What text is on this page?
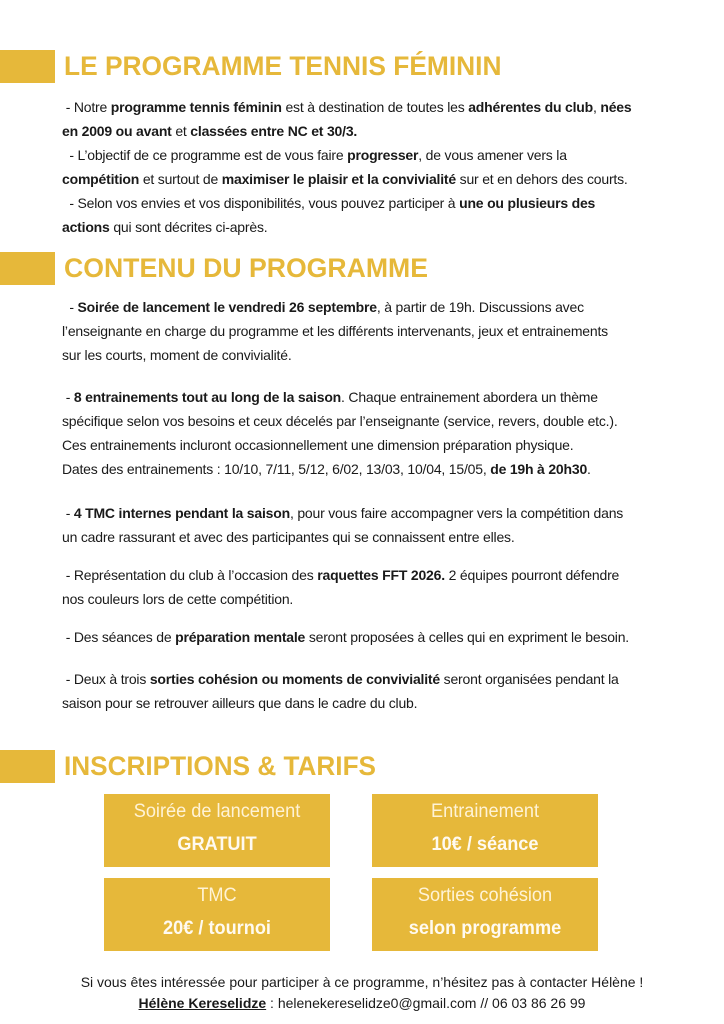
LE PROGRAMME TENNIS FÉMININ
- Notre programme tennis féminin est à destination de toutes les adhérentes du club, nées
en 2009 ou avant et classées entre NC et 30/3.
- L’objectif de ce programme est de vous faire progresser, de vous amener vers la
compétition et surtout de maximiser le plaisir et la convivialité sur et en dehors des courts.
- Selon vos envies et vos disponibilités, vous pouvez participer à une ou plusieurs des
actions qui sont décrites ci-après.
CONTENU DU PROGRAMME
- Soirée de lancement le vendredi 26 septembre, à partir de 19h. Discussions avec
l’enseignante en charge du programme et les différents intervenants, jeux et entrainements
sur les courts, moment de convivialité.
- 8 entrainements tout au long de la saison. Chaque entrainement abordera un thème
spécifique selon vos besoins et ceux décelés par l’enseignante (service, revers, double etc.).
Ces entrainements incluront occasionnellement une dimension préparation physique.
Dates des entrainements : 10/10, 7/11, 5/12, 6/02, 13/03, 10/04, 15/05, de 19h à 20h30.
- 4 TMC internes pendant la saison, pour vous faire accompagner vers la compétition dans
un cadre rassurant et avec des participantes qui se connaissent entre elles.
- Représentation du club à l’occasion des raquettes FFT 2026. 2 équipes pourront défendre
nos couleurs lors de cette compétition.
- Des séances de préparation mentale seront proposées à celles qui en expriment le besoin.
- Deux à trois sorties cohésion ou moments de convivialité seront organisées pendant la
saison pour se retrouver ailleurs que dans le cadre du club.
INSCRIPTIONS & TARIFS
Soirée de lancement
GRATUIT
Entrainement
10€ / séance
TMC
20€ / tournoi
Sorties cohésion
selon programme
Si vous êtes intéressée pour participer à ce programme, n’hésitez pas à contacter Hélène !
Hélène Kereselidze : helenekereselidze0@gmail.com // 06 03 86 26 99
